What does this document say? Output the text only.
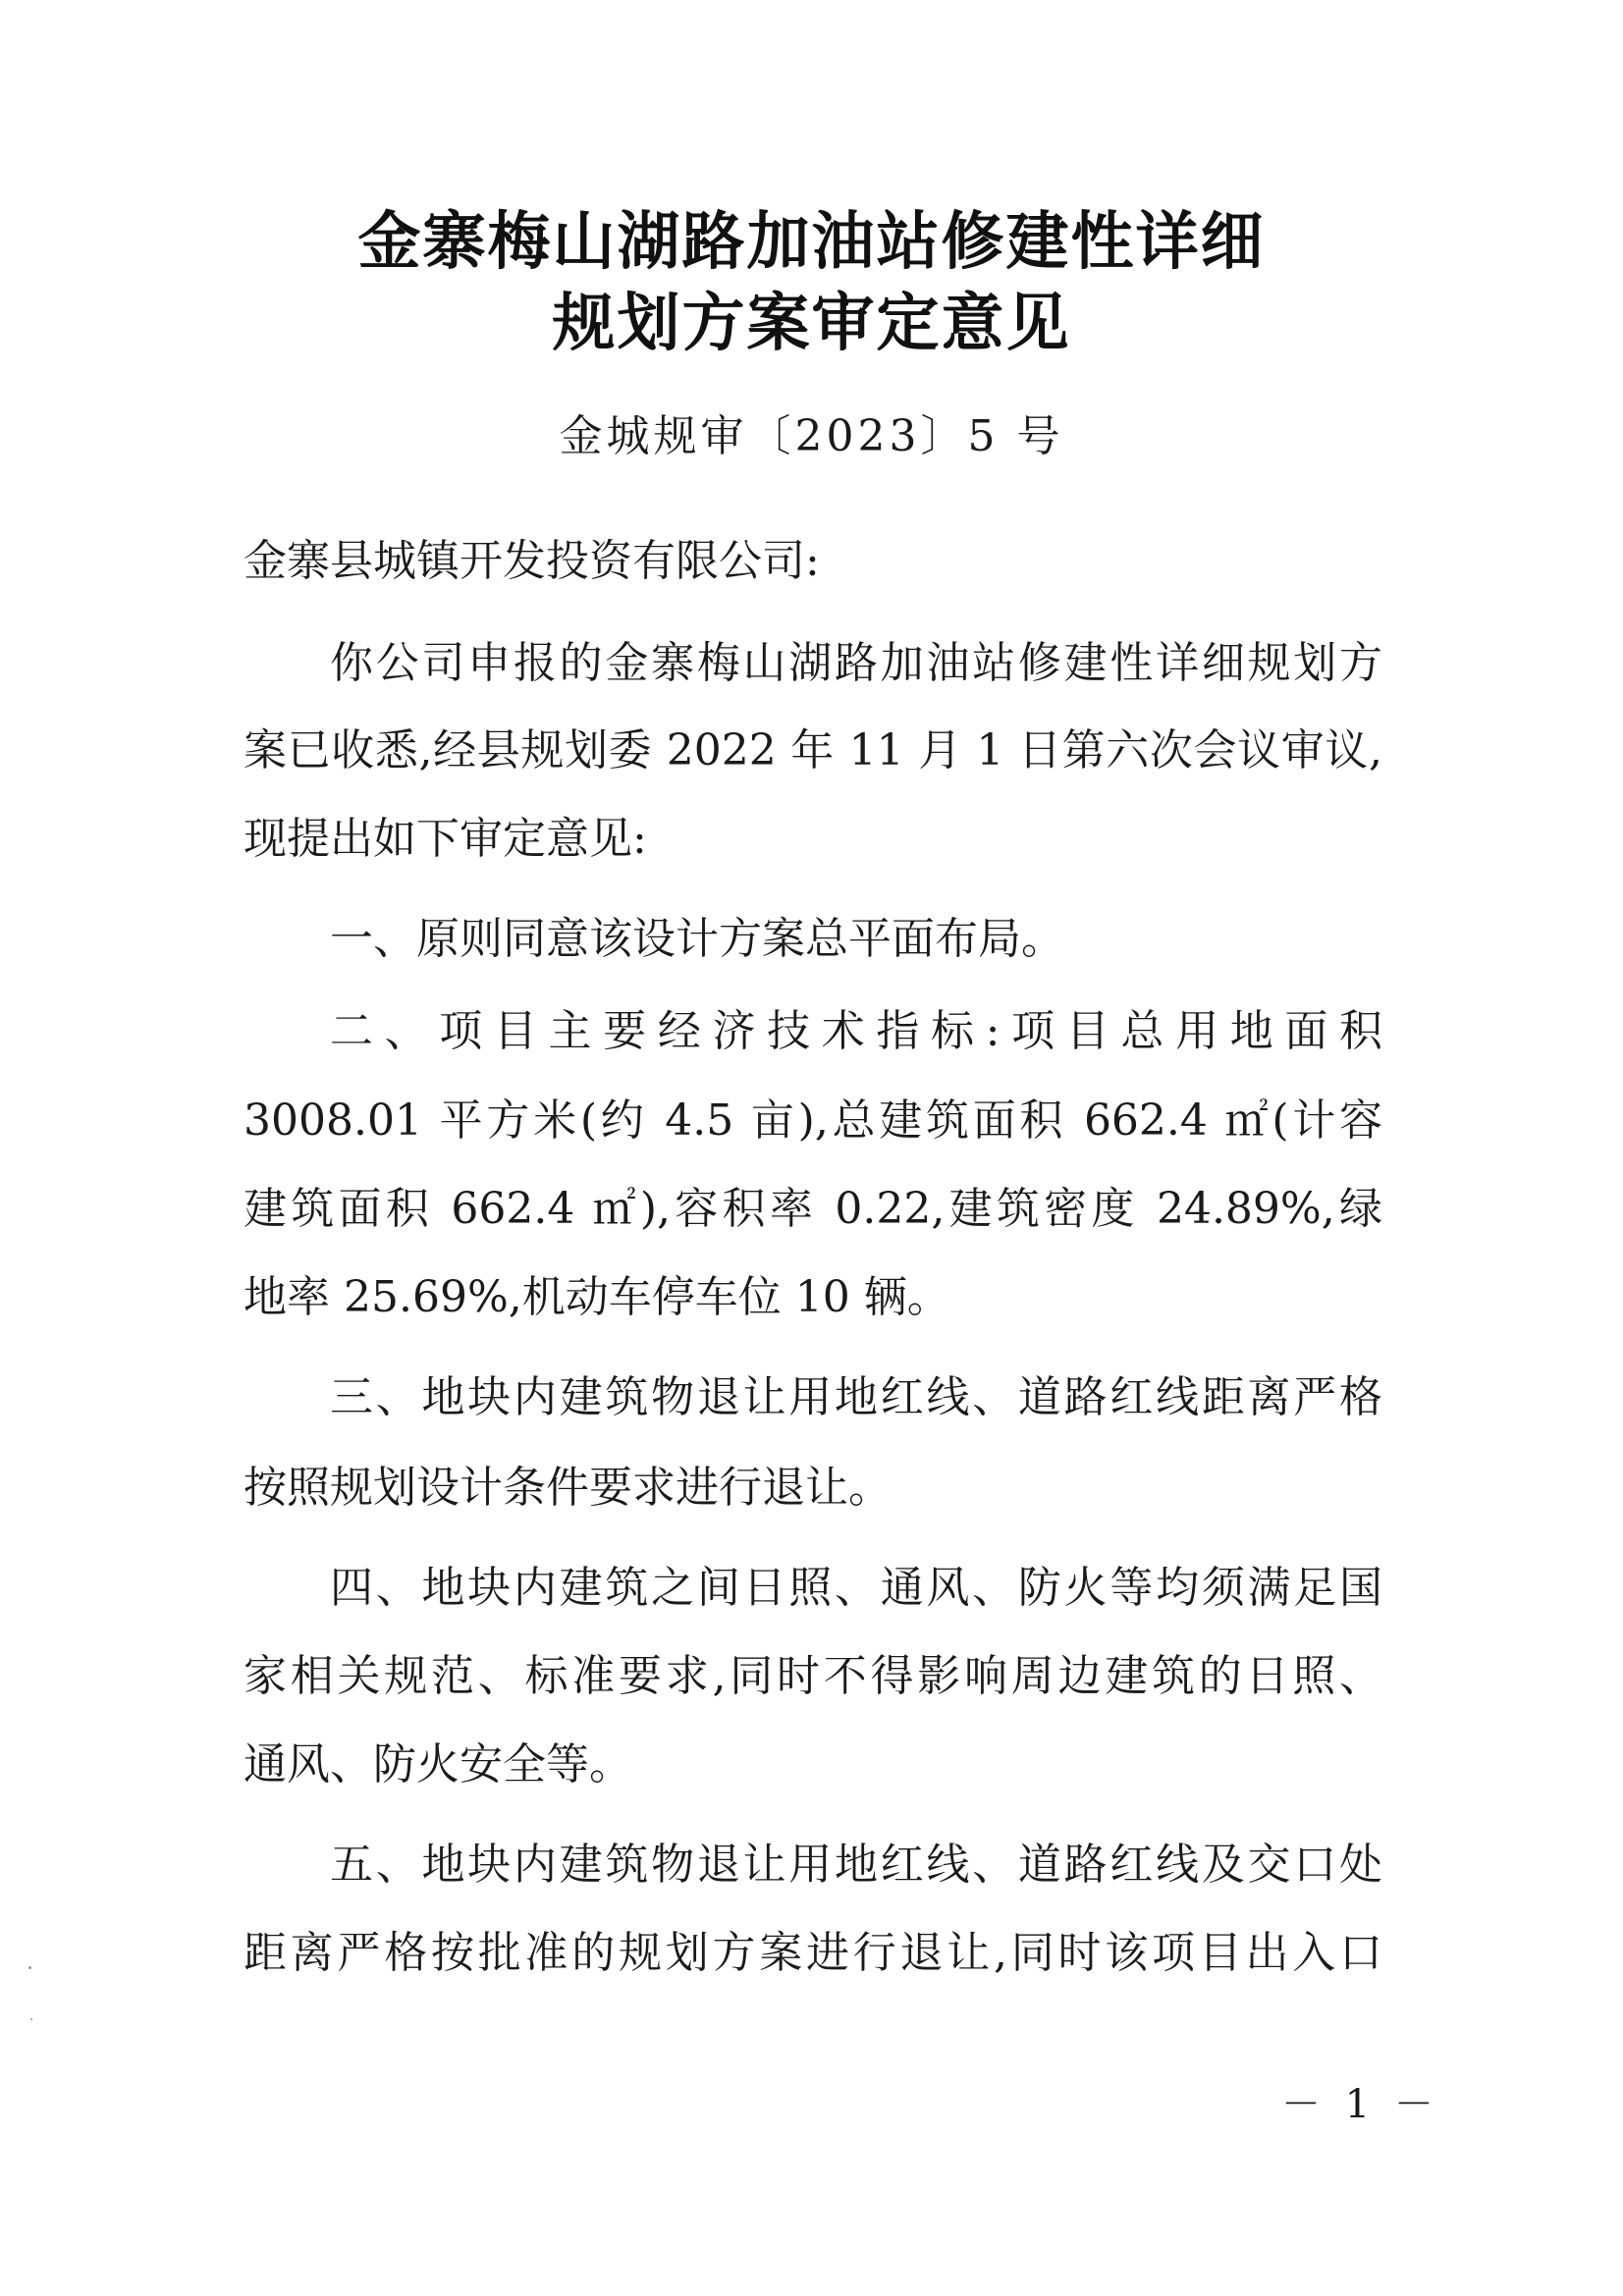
金寨梅山湖路加油站修建性详细
规划方案审定意见
金城规审〔2023〕5 号
金寨县城镇开发投资有限公司:
你公司申报的金寨梅山湖路加油站修建性详细规划方
案已收悉,经县规划委 2022 年 11 月 1 日第六次会议审议,
现提出如下审定意见:
一、原则同意该设计方案总平面布局。
二、项目主要经济技术指标:项目总用地面积
3008.01 平方米(约 4.5 亩),总建筑面积 662.4 ㎡(计容
建筑面积 662.4 ㎡),容积率 0.22,建筑密度 24.89%,绿
地率 25.69%,机动车停车位 10 辆。
三、地块内建筑物退让用地红线、道路红线距离严格
按照规划设计条件要求进行退让。
四、地块内建筑之间日照、通风、防火等均须满足国
家相关规范、标准要求,同时不得影响周边建筑的日照、
通风、防火安全等。
五、地块内建筑物退让用地红线、道路红线及交口处
距离严格按批准的规划方案进行退让,同时该项目出入口
－ 1 －
